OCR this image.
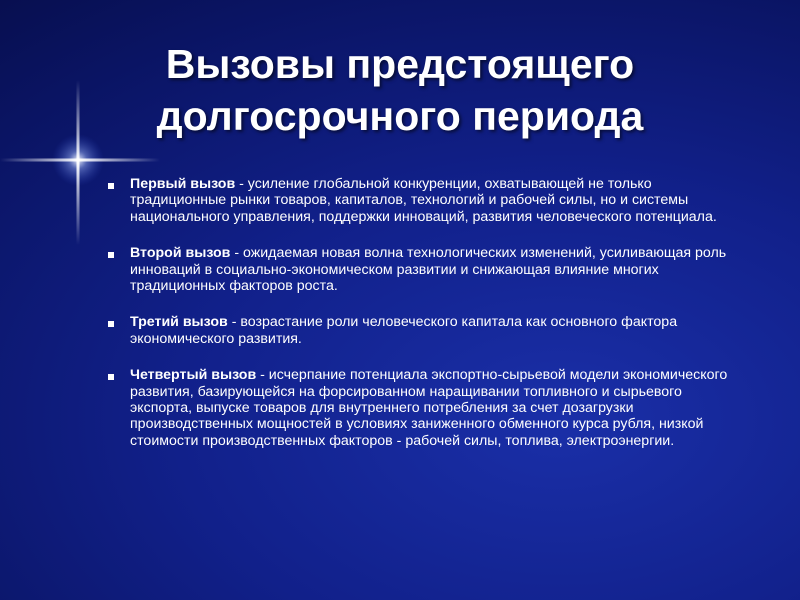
Вызовы предстоящего
долгосрочного периода

Первый вызов - усиление глобальной конкуренции, охватывающей не только традиционные рынки товаров, капиталов, технологий и рабочей силы, но и системы национального управления, поддержки инноваций, развития человеческого потенциала.

Второй вызов - ожидаемая новая волна технологических изменений, усиливающая роль инноваций в социально-экономическом развитии и снижающая влияние многих традиционных факторов роста.

Третий вызов - возрастание роли человеческого капитала как основного фактора экономического развития.

Четвертый вызов - исчерпание потенциала экспортно-сырьевой модели экономического развития, базирующейся на форсированном наращивании топливного и сырьевого экспорта, выпуске товаров для внутреннего потребления за счет дозагрузки производственных мощностей в условиях заниженного обменного курса рубля, низкой стоимости производственных факторов - рабочей силы, топлива, электроэнергии.
